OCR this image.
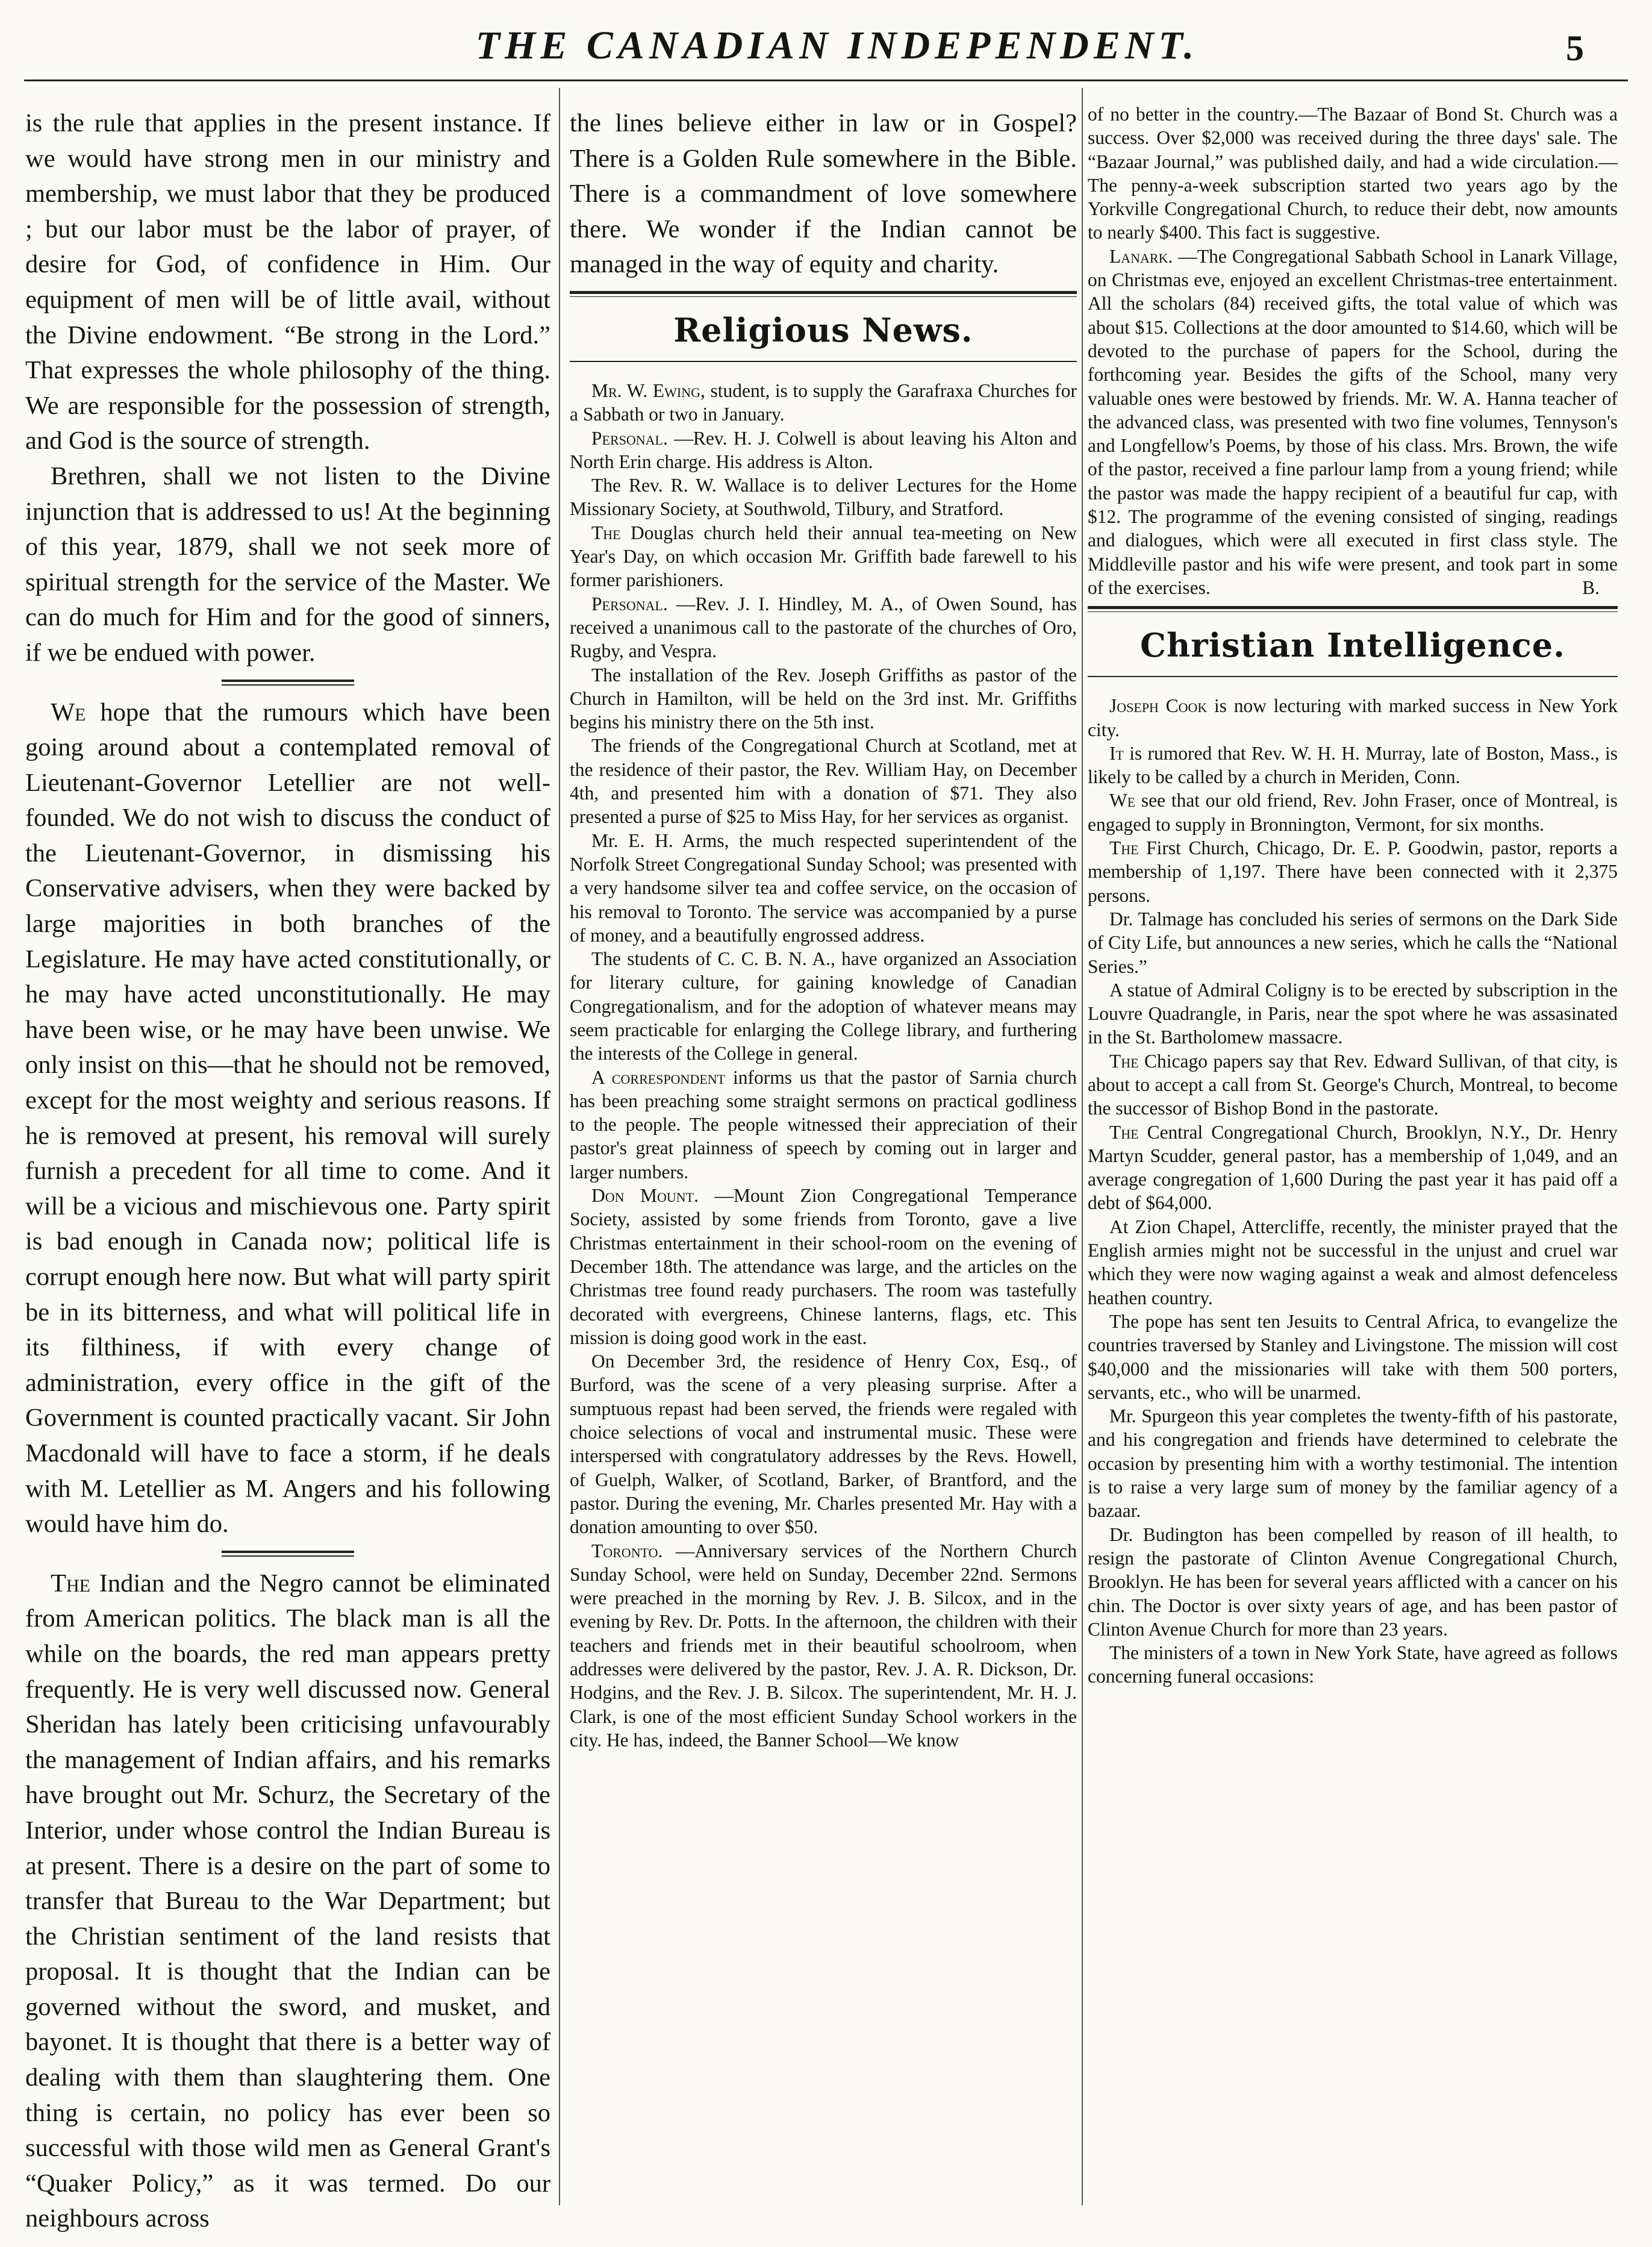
THE CANADIAN INDEPENDENT.	5

is the rule that applies in the present instance. If we would have strong men in our ministry and membership, we must labor that they be produced ; but our labor must be the labor of prayer, of desire for God, of confidence in Him. Our equipment of men will be of little avail, without the Divine endowment. “Be strong in the Lord.” That expresses the whole philosophy of the thing. We are responsible for the possession of strength, and God is the source of strength.

Brethren, shall we not listen to the Divine injunction that is addressed to us! At the beginning of this year, 1879, shall we not seek more of spiritual strength for the service of the Master. We can do much for Him and for the good of sinners, if we be endued with power.

We hope that the rumours which have been going around about a contemplated removal of Lieutenant-Governor Letellier are not well-founded. We do not wish to discuss the conduct of the Lieutenant-Governor, in dismissing his Conservative advisers, when they were backed by large majorities in both branches of the Legislature. He may have acted constitutionally, or he may have acted unconstitutionally. He may have been wise, or he may have been unwise. We only insist on this—that he should not be removed, except for the most weighty and serious reasons. If he is removed at present, his removal will surely furnish a precedent for all time to come. And it will be a vicious and mischievous one. Party spirit is bad enough in Canada now; political life is corrupt enough here now. But what will party spirit be in its bitterness, and what will political life in its filthiness, if with every change of administration, every office in the gift of the Government is counted practically vacant. Sir John Macdonald will have to face a storm, if he deals with M. Letellier as M. Angers and his following would have him do.

The Indian and the Negro cannot be eliminated from American politics. The black man is all the while on the boards, the red man appears pretty frequently. He is very well discussed now. General Sheridan has lately been criticising unfavourably the management of Indian affairs, and his remarks have brought out Mr. Schurz, the Secretary of the Interior, under whose control the Indian Bureau is at present. There is a desire on the part of some to transfer that Bureau to the War Department; but the Christian sentiment of the land resists that proposal. It is thought that the Indian can be governed without the sword, and musket, and bayonet. It is thought that there is a better way of dealing with them than slaughtering them. One thing is certain, no policy has ever been so successful with those wild men as General Grant's “Quaker Policy,” as it was termed. Do our neighbours across

the lines believe either in law or in Gospel? There is a Golden Rule somewhere in the Bible. There is a commandment of love somewhere there. We wonder if the Indian cannot be managed in the way of equity and charity.

Religious News.

Mr. W. Ewing, student, is to supply the Garafraxa Churches for a Sabbath or two in January.

Personal. —Rev. H. J. Colwell is about leaving his Alton and North Erin charge. His address is Alton.

The Rev. R. W. Wallace is to deliver Lectures for the Home Missionary Society, at Southwold, Tilbury, and Stratford.

The Douglas church held their annual tea-meeting on New Year's Day, on which occasion Mr. Griffith bade farewell to his former parishioners.

Personal. —Rev. J. I. Hindley, M. A., of Owen Sound, has received a unanimous call to the pastorate of the churches of Oro, Rugby, and Vespra.

The installation of the Rev. Joseph Griffiths as pastor of the Church in Hamilton, will be held on the 3rd inst. Mr. Griffiths begins his ministry there on the 5th inst.

The friends of the Congregational Church at Scotland, met at the residence of their pastor, the Rev. William Hay, on December 4th, and presented him with a donation of $71. They also presented a purse of $25 to Miss Hay, for her services as organist.

Mr. E. H. Arms, the much respected superintendent of the Norfolk Street Congregational Sunday School; was presented with a very handsome silver tea and coffee service, on the occasion of his removal to Toronto. The service was accompanied by a purse of money, and a beautifully engrossed address.

The students of C. C. B. N. A., have organized an Association for literary culture, for gaining knowledge of Canadian Congregationalism, and for the adoption of whatever means may seem practicable for enlarging the College library, and furthering the interests of the College in general.

A correspondent informs us that the pastor of Sarnia church has been preaching some straight sermons on practical godliness to the people. The people witnessed their appreciation of their pastor's great plainness of speech by coming out in larger and larger numbers.

Don Mount. —Mount Zion Congregational Temperance Society, assisted by some friends from Toronto, gave a live Christmas entertainment in their school-room on the evening of December 18th. The attendance was large, and the articles on the Christmas tree found ready purchasers. The room was tastefully decorated with evergreens, Chinese lanterns, flags, etc. This mission is doing good work in the east.

On December 3rd, the residence of Henry Cox, Esq., of Burford, was the scene of a very pleasing surprise. After a sumptuous repast had been served, the friends were regaled with choice selections of vocal and instrumental music. These were interspersed with congratulatory addresses by the Revs. Howell, of Guelph, Walker, of Scotland, Barker, of Brantford, and the pastor. During the evening, Mr. Charles presented Mr. Hay with a donation amounting to over $50.

Toronto. —Anniversary services of the Northern Church Sunday School, were held on Sunday, December 22nd. Sermons were preached in the morning by Rev. J. B. Silcox, and in the evening by Rev. Dr. Potts. In the afternoon, the children with their teachers and friends met in their beautiful schoolroom, when addresses were delivered by the pastor, Rev. J. A. R. Dickson, Dr. Hodgins, and the Rev. J. B. Silcox. The superintendent, Mr. H. J. Clark, is one of the most efficient Sunday School workers in the city. He has, indeed, the Banner School—We know

of no better in the country.—The Bazaar of Bond St. Church was a success. Over $2,000 was received during the three days' sale. The “Bazaar Journal,” was published daily, and had a wide circulation.—The penny-a-week subscription started two years ago by the Yorkville Congregational Church, to reduce their debt, now amounts to nearly $400. This fact is suggestive.

Lanark. —The Congregational Sabbath School in Lanark Village, on Christmas eve, enjoyed an excellent Christmas-tree entertainment. All the scholars (84) received gifts, the total value of which was about $15. Collections at the door amounted to $14.60, which will be devoted to the purchase of papers for the School, during the forthcoming year. Besides the gifts of the School, many very valuable ones were bestowed by friends. Mr. W. A. Hanna teacher of the advanced class, was presented with two fine volumes, Tennyson's and Longfellow's Poems, by those of his class. Mrs. Brown, the wife of the pastor, received a fine parlour lamp from a young friend; while the pastor was made the happy recipient of a beautiful fur cap, with $12. The programme of the evening consisted of singing, readings and dialogues, which were all executed in first class style. The Middleville pastor and his wife were present, and took part in some of the exercises.	B.

Christian Intelligence.

Joseph Cook is now lecturing with marked success in New York city.

It is rumored that Rev. W. H. H. Murray, late of Boston, Mass., is likely to be called by a church in Meriden, Conn.

We see that our old friend, Rev. John Fraser, once of Montreal, is engaged to supply in Bronnington, Vermont, for six months.

The First Church, Chicago, Dr. E. P. Goodwin, pastor, reports a membership of 1,197. There have been connected with it 2,375 persons.

Dr. Talmage has concluded his series of sermons on the Dark Side of City Life, but announces a new series, which he calls the “National Series.”

A statue of Admiral Coligny is to be erected by subscription in the Louvre Quadrangle, in Paris, near the spot where he was assasinated in the St. Bartholomew massacre.

The Chicago papers say that Rev. Edward Sullivan, of that city, is about to accept a call from St. George's Church, Montreal, to become the successor of Bishop Bond in the pastorate.

The Central Congregational Church, Brooklyn, N.Y., Dr. Henry Martyn Scudder, general pastor, has a membership of 1,049, and an average congregation of 1,600 During the past year it has paid off a debt of $64,000.

At Zion Chapel, Attercliffe, recently, the minister prayed that the English armies might not be successful in the unjust and cruel war which they were now waging against a weak and almost defenceless heathen country.

The pope has sent ten Jesuits to Central Africa, to evangelize the countries traversed by Stanley and Livingstone. The mission will cost $40,000 and the missionaries will take with them 500 porters, servants, etc., who will be unarmed.

Mr. Spurgeon this year completes the twenty-fifth of his pastorate, and his congregation and friends have determined to celebrate the occasion by presenting him with a worthy testimonial. The intention is to raise a very large sum of money by the familiar agency of a bazaar.

Dr. Budington has been compelled by reason of ill health, to resign the pastorate of Clinton Avenue Congregational Church, Brooklyn. He has been for several years afflicted with a cancer on his chin. The Doctor is over sixty years of age, and has been pastor of Clinton Avenue Church for more than 23 years.

The ministers of a town in New York State, have agreed as follows concerning funeral occasions:
